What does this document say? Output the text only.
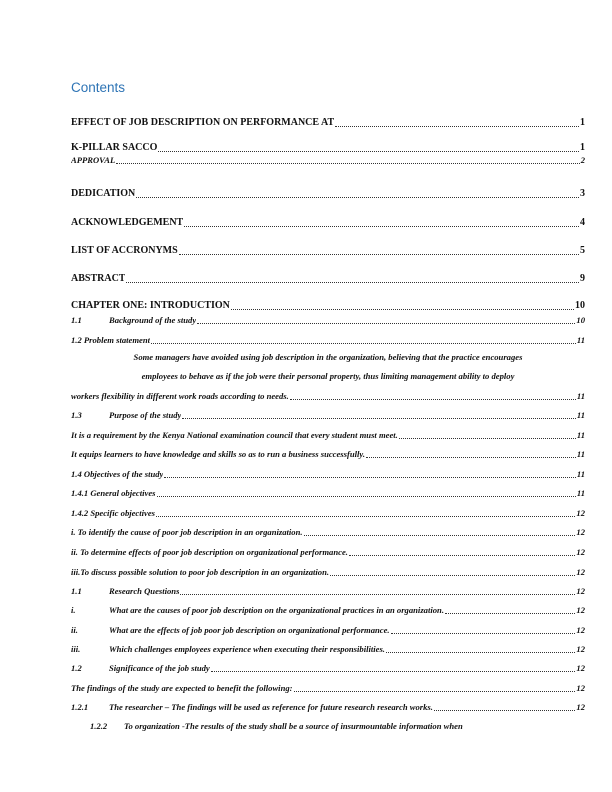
Contents
EFFECT OF JOB DESCRIPTION ON PERFORMANCE AT	1
K-PILLAR SACCO	1
APPROVAL	2
DEDICATION	3
ACKNOWLEDGEMENT	4
LIST OF ACCRONYMS	5
ABSTRACT	9
CHAPTER ONE: INTRODUCTION	10
1.1	Background of the study	10
1.2 Problem statement	11
Some managers have avoided using job description in the organization, believing that the practice encourages
employees to behave as if the job were their personal property, thus limiting management ability to deploy
workers flexibility in different work roads according to needs.	11
1.3	Purpose of the study	11
It is a requirement by the Kenya National examination council that every student must meet.	11
It equips learners to have knowledge and skills so as to run a business successfully.	11
1.4 Objectives of the study	11
1.4.1 General objectives	11
1.4.2 Specific objectives	12
i. To identify the cause of poor job description in an organization.	12
ii. To determine effects of poor job description on organizational performance.	12
iii.To discuss possible solution to poor job description in an organization.	12
1.1	Research Questions	12
i.	What are the causes of poor job description on the organizational practices in an organization.	12
ii.	What are the effects of job poor job description on organizational performance.	12
iii.	Which challenges employees experience when executing their responsibilities.	12
1.2	Significance of the job study	12
The findings of the study are expected to benefit the following:	12
1.2.1	The researcher – The findings will be used as reference for future research research works.	12
1.2.2 To organization -The results of the study shall be a source of insurmountable information when
